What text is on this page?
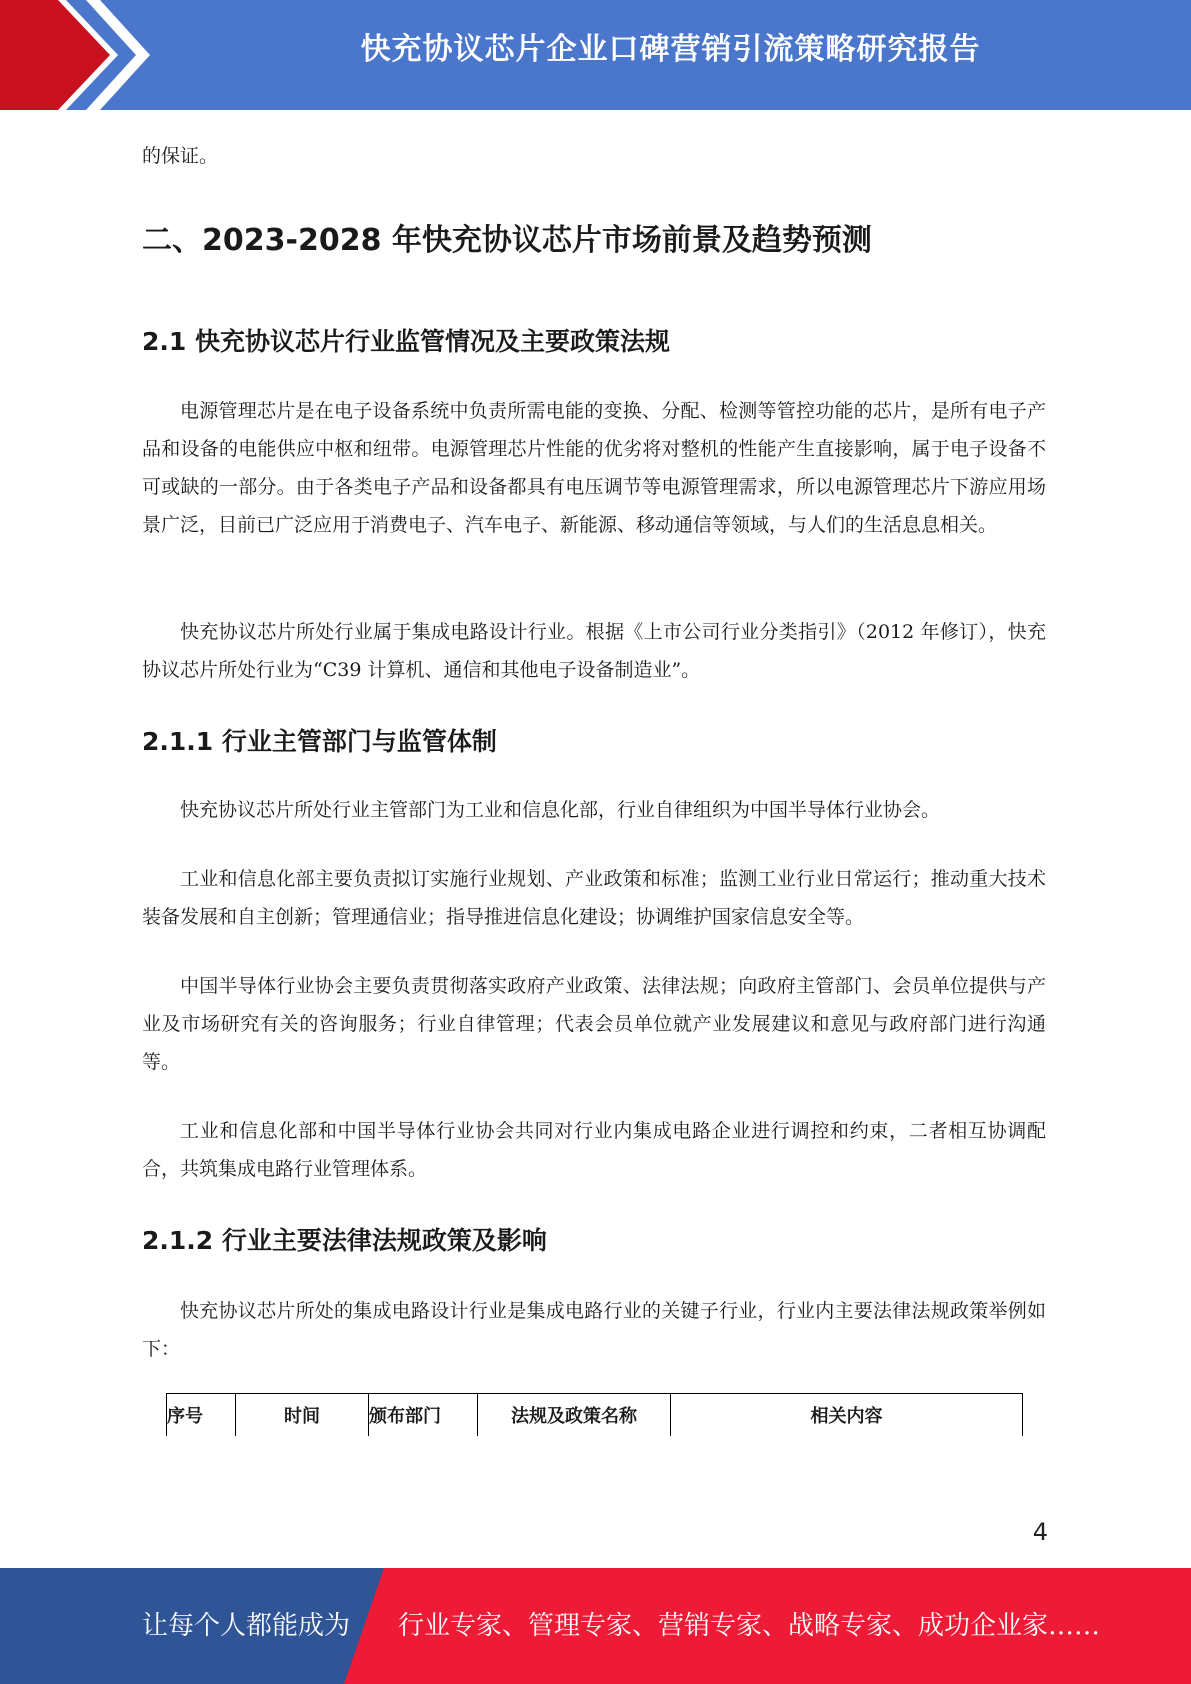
快充协议芯片企业口碑营销引流策略研究报告

的保证。

二、2023-2028 年快充协议芯片市场前景及趋势预测
2.1 快充协议芯片行业监管情况及主要政策法规

电源管理芯片是在电子设备系统中负责所需电能的变换、分配、检测等管控功能的芯片，是所有电子产品和设备的电能供应中枢和纽带。电源管理芯片性能的优劣将对整机的性能产生直接影响，属于电子设备不可或缺的一部分。由于各类电子产品和设备都具有电压调节等电源管理需求，所以电源管理芯片下游应用场景广泛，目前已广泛应用于消费电子、汽车电子、新能源、移动通信等领域，与人们的生活息息相关。

快充协议芯片所处行业属于集成电路设计行业。根据《上市公司行业分类指引》（2012 年修订），快充协议芯片所处行业为“C39 计算机、通信和其他电子设备制造业”。

2.1.1 行业主管部门与监管体制

快充协议芯片所处行业主管部门为工业和信息化部，行业自律组织为中国半导体行业协会。

工业和信息化部主要负责拟订实施行业规划、产业政策和标准；监测工业行业日常运行；推动重大技术装备发展和自主创新；管理通信业；指导推进信息化建设；协调维护国家信息安全等。

中国半导体行业协会主要负责贯彻落实政府产业政策、法律法规；向政府主管部门、会员单位提供与产业及市场研究有关的咨询服务；行业自律管理；代表会员单位就产业发展建议和意见与政府部门进行沟通等。

工业和信息化部和中国半导体行业协会共同对行业内集成电路企业进行调控和约束，二者相互协调配合，共筑集成电路行业管理体系。

2.1.2 行业主要法律法规政策及影响

快充协议芯片所处的集成电路设计行业是集成电路行业的关键子行业，行业内主要法律法规政策举例如下：

序号	时间	颁布部门	法规及政策名称	相关内容
4
让每个人都能成为 行业专家、管理专家、营销专家、战略专家、成功企业家……
